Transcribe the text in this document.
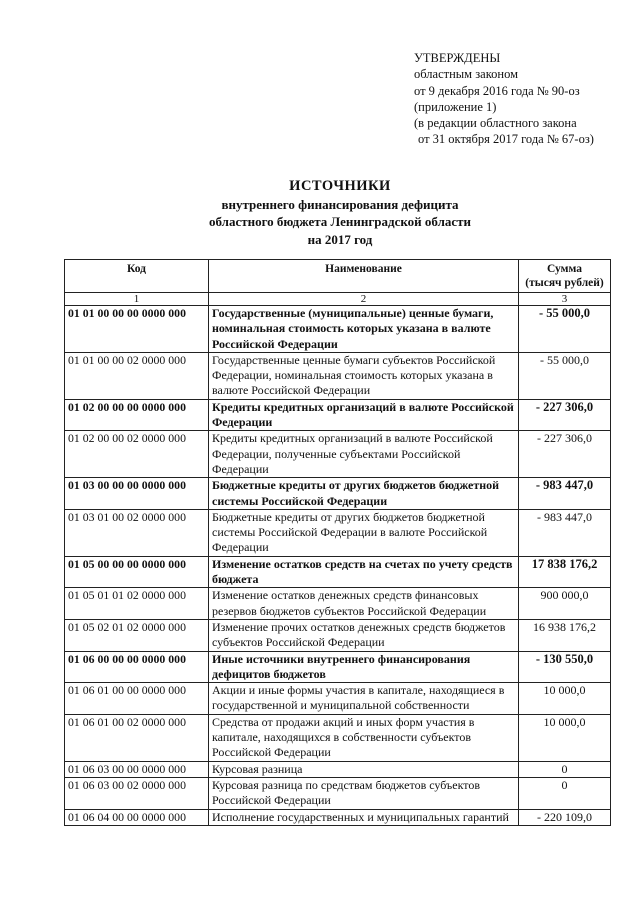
УТВЕРЖДЕНЫ
областным законом
от 9 декабря 2016 года № 90-оз
(приложение 1)
(в редакции областного закона
от 31 октября 2017 года № 67-оз)
ИСТОЧНИКИ
внутреннего финансирования дефицита
областного бюджета Ленинградской области
на 2017 год
Код	Наименование	Сумма
(тысяч рублей)

1	2	3
01 01 00 00 00 0000 000	Государственные (муниципальные) ценные бумаги, номинальная стоимость которых указана в валюте Российской Федерации	- 55 000,0
01 01 00 00 02 0000 000	Государственные ценные бумаги субъектов Российской Федерации, номинальная стоимость которых указана в валюте Российской Федерации	- 55 000,0
01 02 00 00 00 0000 000	Кредиты кредитных организаций в валюте Российской Федерации	- 227 306,0
01 02 00 00 02 0000 000	Кредиты кредитных организаций в валюте Российской Федерации, полученные субъектами Российской Федерации	- 227 306,0
01 03 00 00 00 0000 000	Бюджетные кредиты от других бюджетов бюджетной системы Российской Федерации	- 983 447,0
01 03 01 00 02 0000 000	Бюджетные кредиты от других бюджетов бюджетной системы Российской Федерации в валюте Российской Федерации	- 983 447,0
01 05 00 00 00 0000 000	Изменение остатков средств на счетах по учету средств бюджета	17 838 176,2
01 05 01 01 02 0000 000	Изменение остатков денежных средств финансовых резервов бюджетов субъектов Российской Федерации	900 000,0
01 05 02 01 02 0000 000	Изменение прочих остатков денежных средств бюджетов субъектов Российской Федерации	16 938 176,2
01 06 00 00 00 0000 000	Иные источники внутреннего финансирования дефицитов бюджетов	- 130 550,0
01 06 01 00 00 0000 000	Акции и иные формы участия в капитале, находящиеся в государственной и муниципальной собственности	10 000,0
01 06 01 00 02 0000 000	Средства от продажи акций и иных форм участия в капитале, находящихся в собственности субъектов Российской Федерации	10 000,0
01 06 03 00 00 0000 000	Курсовая разница	0
01 06 03 00 02 0000 000	Курсовая разница по средствам бюджетов субъектов Российской Федерации	0
01 06 04 00 00 0000 000	Исполнение государственных и муниципальных гарантий	- 220 109,0
